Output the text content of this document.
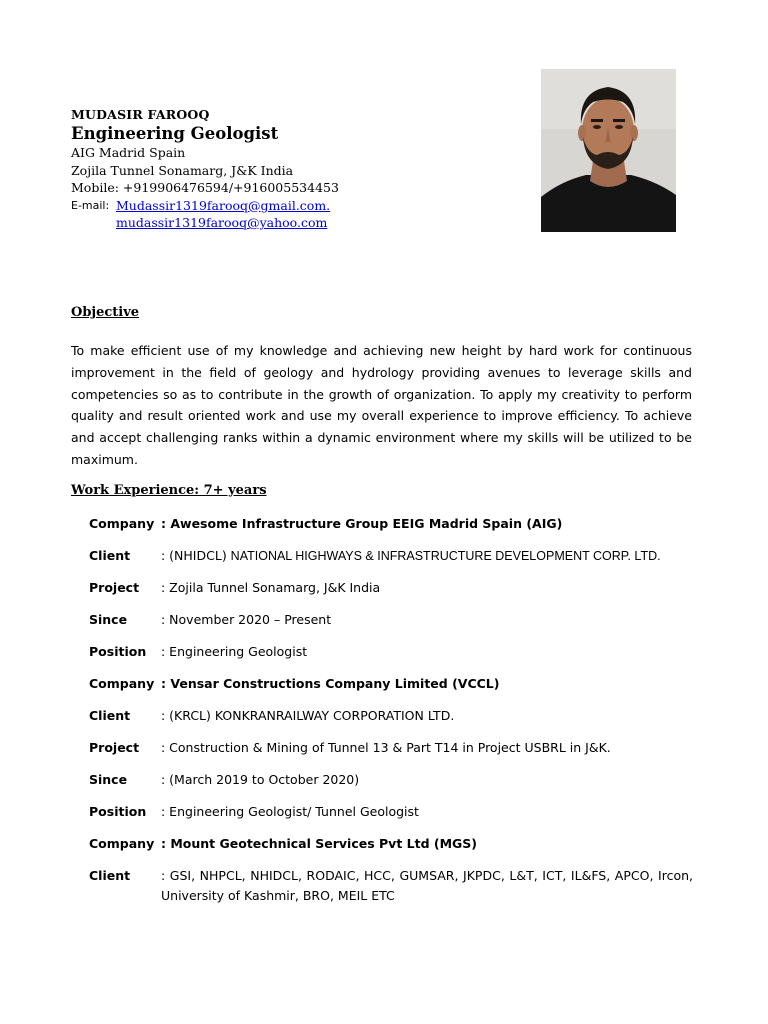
MUDASIR FAROOQ
Engineering Geologist
AIG Madrid Spain
Zojila Tunnel Sonamarg, J&K India
Mobile: +919906476594/+916005534453
E-mail: Mudassir1319farooq@gmail.com.
mudassir1319farooq@yahoo.com
Objective
To make efficient use of my knowledge and achieving new height by hard work for continuous improvement in the field of geology and hydrology providing avenues to leverage skills and competencies so as to contribute in the growth of organization. To apply my creativity to perform quality and result oriented work and use my overall experience to improve efficiency. To achieve and accept challenging ranks within a dynamic environment where my skills will be utilized to be maximum.
Work Experience: 7+ years
Company : Awesome Infrastructure Group EEIG Madrid Spain (AIG)
Client	: (NHIDCL) NATIONAL HIGHWAYS & INFRASTRUCTURE DEVELOPMENT CORP. LTD.
Project	: Zojila Tunnel Sonamarg, J&K India
Since	: November 2020 – Present
Position	: Engineering Geologist
Company : Vensar Constructions Company Limited (VCCL)
Client	: (KRCL) KONKRANRAILWAY CORPORATION LTD.
Project	: Construction & Mining of Tunnel 13 & Part T14 in Project USBRL in J&K.
Since	: (March 2019 to October 2020)
Position	: Engineering Geologist/ Tunnel Geologist
Company : Mount Geotechnical Services Pvt Ltd (MGS)
Client	: GSI, NHPCL, NHIDCL, RODAIC, HCC, GUMSAR, JKPDC, L&T, ICT, IL&FS, APCO, Ircon, University of Kashmir, BRO, MEIL ETC
